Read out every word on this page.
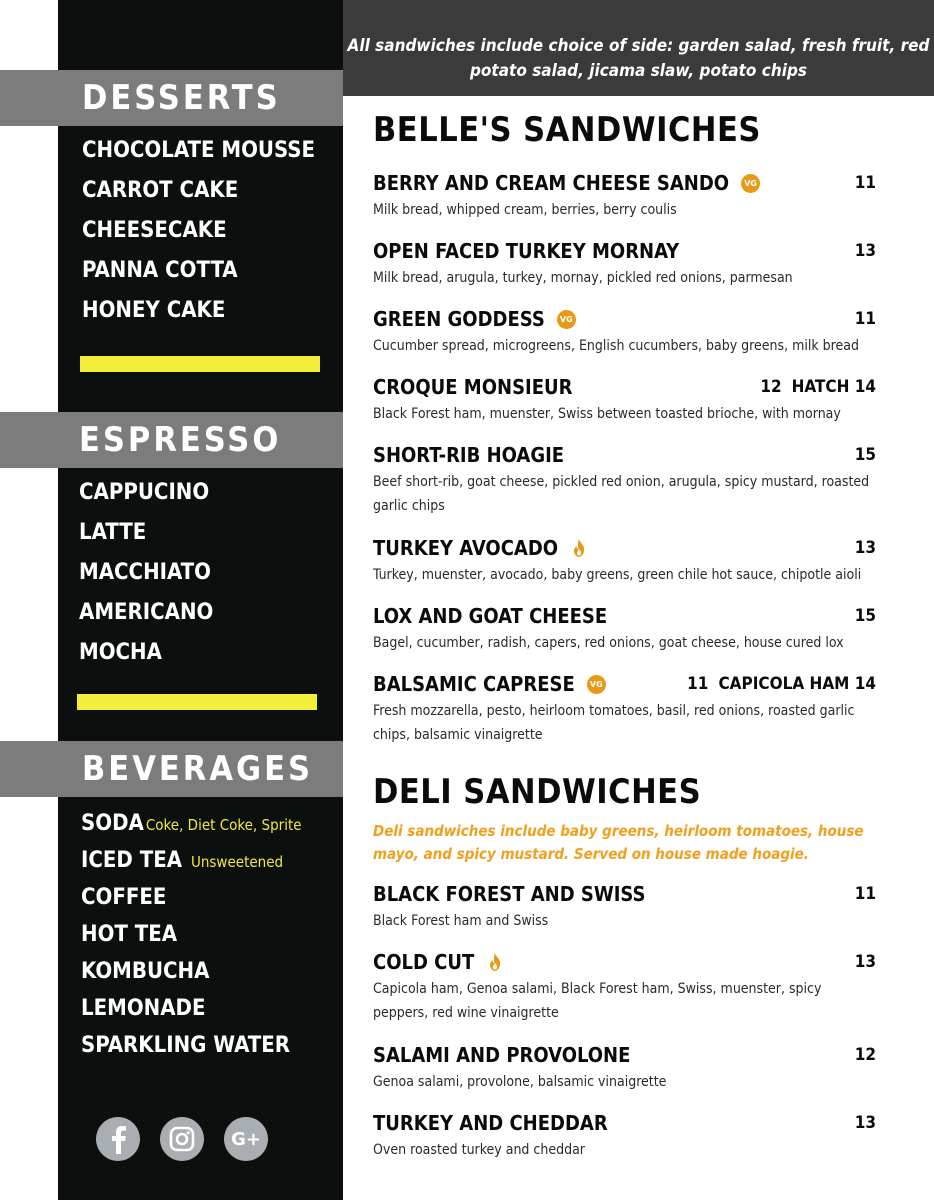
DESSERTS
CHOCOLATE MOUSSE
CARROT CAKE
CHEESECAKE
PANNA COTTA
HONEY CAKE
ESPRESSO
CAPPUCINO
LATTE
MACCHIATO
AMERICANO
MOCHA
BEVERAGES
SODA Coke, Diet Coke, Sprite
ICED TEA Unsweetened
COFFEE
HOT TEA
KOMBUCHA
LEMONADE
SPARKLING WATER
G+
All sandwiches include choice of side: garden salad, fresh fruit, red potato salad, jicama slaw, potato chips
BELLE'S SANDWICHES
BERRY AND CREAM CHEESE SANDO VG	11
Milk bread, whipped cream, berries, berry coulis
OPEN FACED TURKEY MORNAY	13
Milk bread, arugula, turkey, mornay, pickled red onions, parmesan
GREEN GODDESS VG	11
Cucumber spread, microgreens, English cucumbers, baby greens, milk bread
CROQUE MONSIEUR	12 HATCH 14
Black Forest ham, muenster, Swiss between toasted brioche, with mornay
SHORT-RIB HOAGIE	15
Beef short-rib, goat cheese, pickled red onion, arugula, spicy mustard, roasted garlic chips
TURKEY AVOCADO	13
Turkey, muenster, avocado, baby greens, green chile hot sauce, chipotle aioli
LOX AND GOAT CHEESE	15
Bagel, cucumber, radish, capers, red onions, goat cheese, house cured lox
BALSAMIC CAPRESE VG	11 CAPICOLA HAM 14
Fresh mozzarella, pesto, heirloom tomatoes, basil, red onions, roasted garlic chips, balsamic vinaigrette
DELI SANDWICHES
Deli sandwiches include baby greens, heirloom tomatoes, house mayo, and spicy mustard. Served on house made hoagie.
BLACK FOREST AND SWISS	11
Black Forest ham and Swiss
COLD CUT	13
Capicola ham, Genoa salami, Black Forest ham, Swiss, muenster, spicy peppers, red wine vinaigrette
SALAMI AND PROVOLONE	12
Genoa salami, provolone, balsamic vinaigrette
TURKEY AND CHEDDAR	13
Oven roasted turkey and cheddar
